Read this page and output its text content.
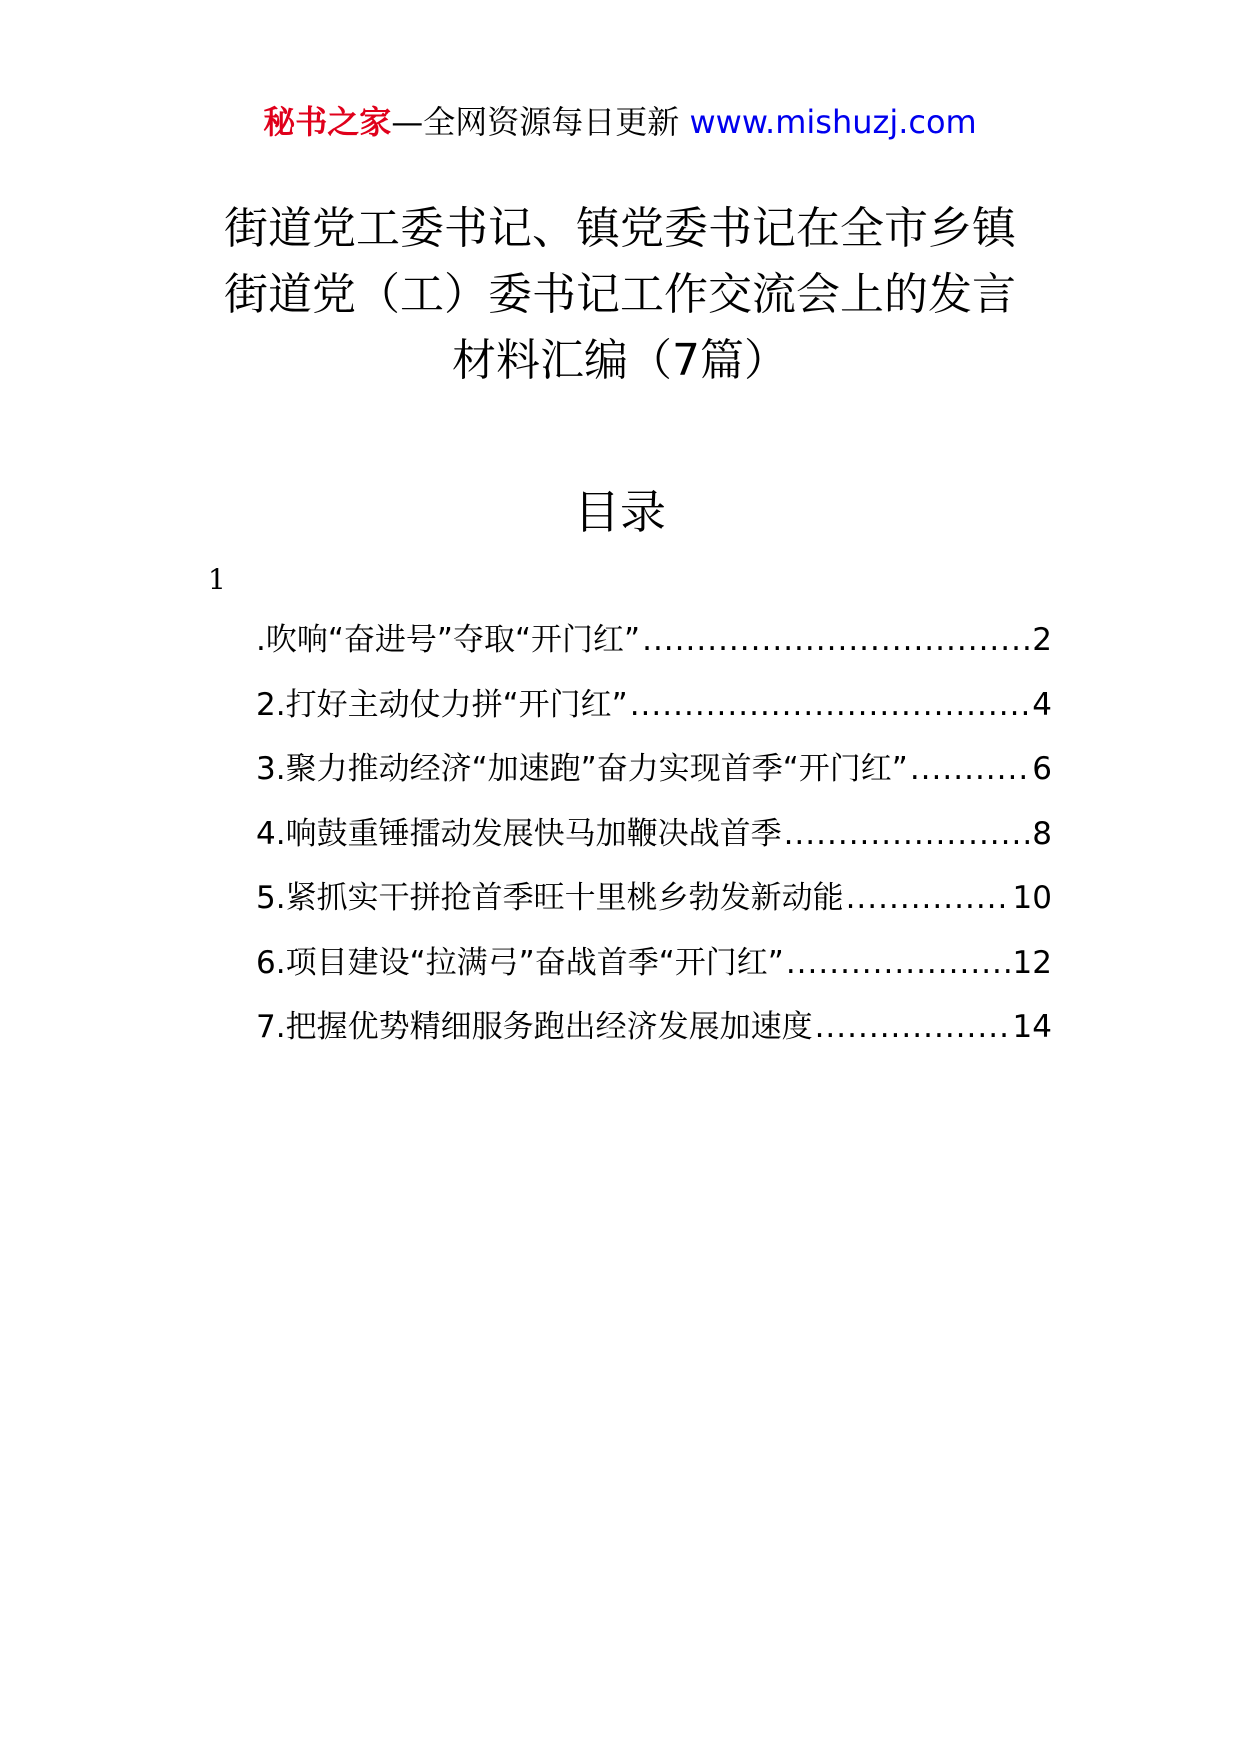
秘书之家—全网资源每日更新 www.mishuzj.com
街道党工委书记、镇党委书记在全市乡镇
街道党（工）委书记工作交流会上的发言
材料汇编（7篇）
目录
1
.吹响“奋进号”夺取“开门红” .....	2
2.打好主动仗力拼“开门红” .....	4
3.聚力推动经济“加速跑”奋力实现首季“开门红” .....	6
4.响鼓重锤擂动发展快马加鞭决战首季 .....	8
5.紧抓实干拼抢首季旺十里桃乡勃发新动能 .....	10
6.项目建设“拉满弓”奋战首季“开门红” .....	12
7.把握优势精细服务跑出经济发展加速度 .....	14
